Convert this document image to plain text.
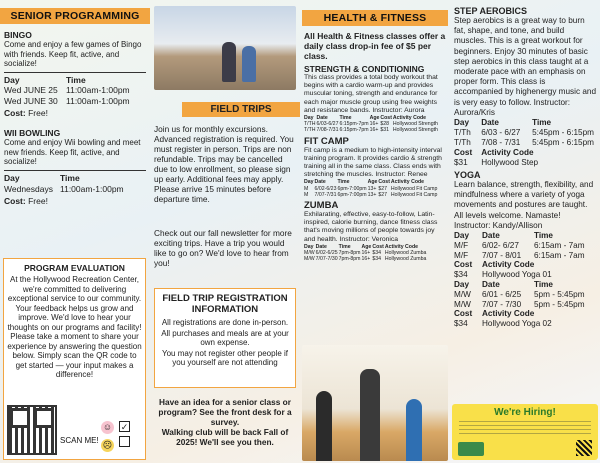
SENIOR PROGRAMMING
BINGO
Come and enjoy a few games of Bingo with friends. Keep fit, active, and socialize!
Day	Time
Wed JUNE 25	11:00am-1:00pm
Wed JUNE 30	11:00am-1:00pm
Cost: Free!
WII BOWLING
Come and enjoy Wii bowling and meet new friends. Keep fit, active, and socialize!
Day	Time
Wednesdays	11:00am-1:00pm
Cost: Free!
PROGRAM EVALUATION
At the Hollywood Recreation Center, we're committed to delivering exceptional service to our community. Your feedback helps us grow and improve. We'd love to hear your thoughts on our programs and facility! Please take a moment to share your experience by answering the question below. Simply scan the QR code to get started — your input makes a difference!
SCAN ME!
☺ ✓
☹
FIELD TRIPS
Join us for monthly excursions. Advanced registration is required. You must register in person. Trips are non refundable. Trips may be cancelled due to low enrollment, so please sign up early. Additional fees may apply. Please arrive 15 minutes before departure time.
Check out our fall newsletter for more exciting trips. Have a trip you would like to go on? We'd love to hear from you!
FIELD TRIP REGISTRATION INFORMATION
All registrations are done in-person.
All purchases and meals are at your own expense.
You may not register other people if you yourself are not attending
Have an idea for a senior class or program? See the front desk for a survey.
Walking club will be back Fall of 2025! We'll see you then.
HEALTH & FITNESS
All Health & Fitness classes offer a daily class drop-in fee of $5 per class.
STRENGTH & CONDITIONING
This class provides a total body workout that begins with a cardio warm-up and provides muscular toning, strength and endurance for each major muscle group using free weights and resistance bands. Instructor: Aurora
Day	Date	Time	Age	Cost	Activity Code
T/TH	6/03-6/27	6:15pm-7pm	16+	$28	Hollywood Strength
T/TH	7/08-7/31	6:15pm-7pm	16+	$31	Hollywood Strength
FIT CAMP
Fit camp is a medium to high-intensity interval training program. It provides cardio & strength training all in the same class. Class ends with stretching the muscles. Instructor: Renee
Day	Date	Time	Age	Cost	Activity Code
M	6/02-6/23	6pm-7:00pm	13+	$27	Hollywood Fit Camp
M	7/07-7/31	6pm-7:00pm	13+	$27	Hollywood Fit Camp
ZUMBA
Exhilarating, effective, easy-to-follow, Latin-inspired, calorie burning, dance fitness class that's moving millions of people towards joy and health. Instructor: Veronica
Day	Date	Time	Age	Cost	Activity Code
M/W	6/02-6/25	7pm-8pm	16+	$34	Hollywood Zumba
M/W	7/07-7/30	7pm-8pm	16+	$34	Hollywood Zumba
STEP AEROBICS
Step aerobics is a great way to burn fat, shape, and tone, and build muscles. This is a great workout for beginners. Enjoy 30 minutes of basic step aerobics in this class taught at a moderate pace with an emphasis on proper form. This class is accompanied by highenergy music and is very easy to follow. Instructor: Aurora/Kris
Day	Date	Time
T/Th	6/03 - 6/27	5:45pm - 6:15pm
T/Th	7/08 - 7/31	5:45pm - 6:15pm
Cost	Activity Code	
$31	Hollywood Step	
YOGA
Learn balance, strength, flexibility, and mindfulness where a variety of yoga movements and postures are taught. All levels welcome. Namaste! Instructor: Kandy/Allison
Day	Date	Time
M/F	6/02- 6/27	6:15am - 7am
M/F	7/07 - 8/01	6:15am - 7am
Cost	Activity Code	
$34	Hollywood Yoga 01	
Day	Date	Time
M/W	6/01 - 6/25	5pm - 5:45pm
M/W	7/07 - 7/30	5pm - 5:45pm
Cost	Activity Code	
$34	Hollywood Yoga 02	
We're Hiring!
